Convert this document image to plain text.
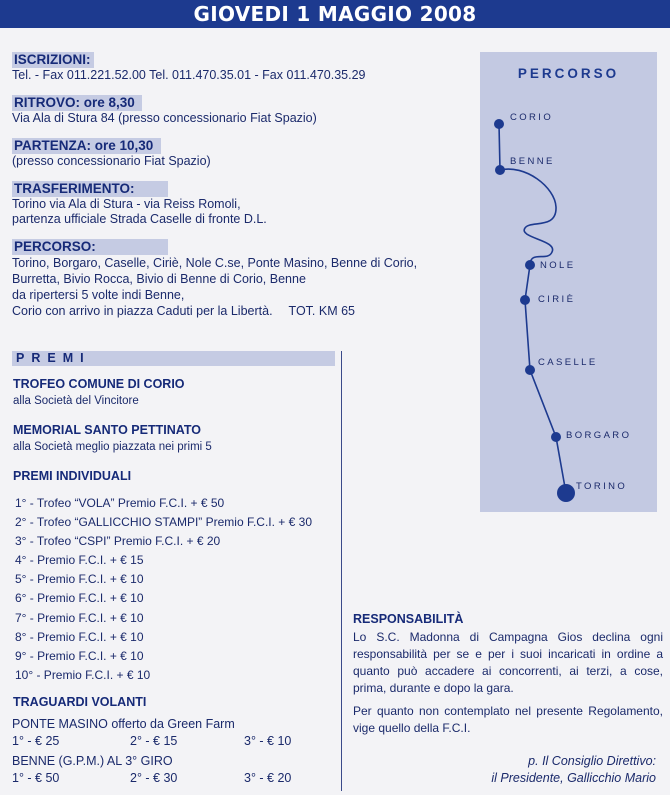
GIOVEDI 1 MAGGIO 2008
ISCRIZIONI:
Tel. - Fax 011.221.52.00 Tel. 011.470.35.01 - Fax 011.470.35.29
RITROVO: ore 8,30
Via Ala di Stura 84 (presso concessionario Fiat Spazio)
PARTENZA: ore 10,30
(presso concessionario Fiat Spazio)
TRASFERIMENTO:
Torino via Ala di Stura - via Reiss Romoli,
partenza ufficiale Strada Caselle di fronte D.L.
PERCORSO:
Torino, Borgaro, Caselle, Ciriè, Nole C.se, Ponte Masino, Benne di Corio,
Burretta, Bivio Rocca, Bivio di Benne di Corio, Benne
da ripertersi 5 volte indi Benne,
Corio con arrivo in piazza Caduti per la Libertà. TOT. KM 65
PREMI
TROFEO COMUNE DI CORIO
alla Società del Vincitore
MEMORIAL SANTO PETTINATO
alla Società meglio piazzata nei primi 5
PREMI INDIVIDUALI
1° - Trofeo “VOLA” Premio F.C.I. + € 50
2° - Trofeo “GALLICCHIO STAMPI” Premio F.C.I. + € 30
3° - Trofeo “CSPI” Premio F.C.I. + € 20
4° - Premio F.C.I. + € 15
5° - Premio F.C.I. + € 10
6° - Premio F.C.I. + € 10
7° - Premio F.C.I. + € 10
8° - Premio F.C.I. + € 10
9° - Premio F.C.I. + € 10
10° - Premio F.C.I. + € 10
TRAGUARDI VOLANTI
PONTE MASINO offerto da Green Farm
1° - € 25	2° - € 15	3° - € 10
BENNE (G.P.M.) AL 3° GIRO
1° - € 50	2° - € 30	3° - € 20
PERCORSO
CORIO
BENNE
NOLE
CIRIÈ
CASELLE
BORGARO
TORINO
RESPONSABILITÀ
Lo S.C. Madonna di Campagna Gios declina ogni responsabilità per se e per i suoi incaricati in ordine a quanto può accadere ai concorrenti, ai terzi, a cose, prima, durante e dopo la gara.
Per quanto non contemplato nel presente Regolamento, vige quello della F.C.I.
p. Il Consiglio Direttivo:
il Presidente, Gallicchio Mario
